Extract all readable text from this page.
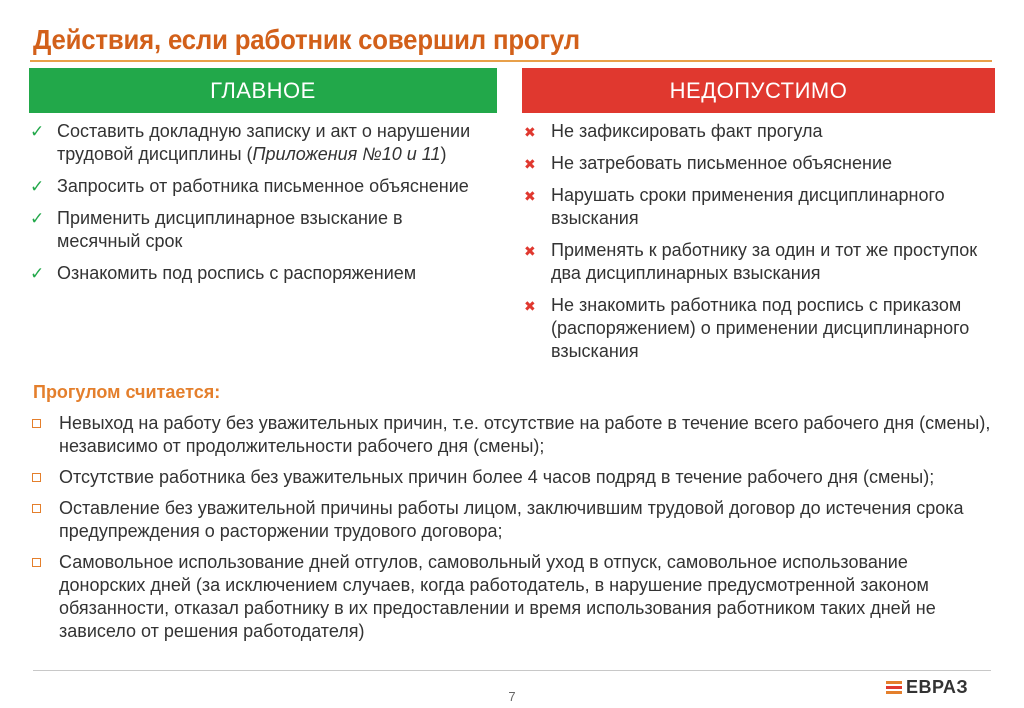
Действия, если работник совершил прогул
ГЛАВНОЕ	НЕДОПУСТИМО
✓ Составить докладную записку и акт о нарушении трудовой дисциплины (Приложения №10 и 11)
✓ Запросить от работника письменное объяснение
✓ Применить дисциплинарное взыскание в месячный срок
✓ Ознакомить под роспись с распоряжением
✖ Не зафиксировать факт прогула
✖ Не затребовать письменное объяснение
✖ Нарушать сроки применения дисциплинарного взыскания
✖ Применять к работнику за один и тот же проступок два дисциплинарных взыскания
✖ Не знакомить работника под роспись с приказом (распоряжением) о применении дисциплинарного взыскания
Прогулом считается:
Невыход на работу без уважительных причин, т.е. отсутствие на работе в течение всего рабочего дня (смены), независимо от продолжительности рабочего дня (смены);
Отсутствие работника без уважительных причин более 4 часов подряд в течение рабочего дня (смены);
Оставление без уважительной причины работы лицом, заключившим трудовой договор до истечения срока предупреждения о расторжении трудового договора;
Самовольное использование дней отгулов, самовольный уход в отпуск, самовольное использование донорских дней (за исключением случаев, когда работодатель, в нарушение предусмотренной законом обязанности, отказал работнику в их предоставлении и время использования работником таких дней не зависело от решения работодателя)
7	ЕВРАЗ
